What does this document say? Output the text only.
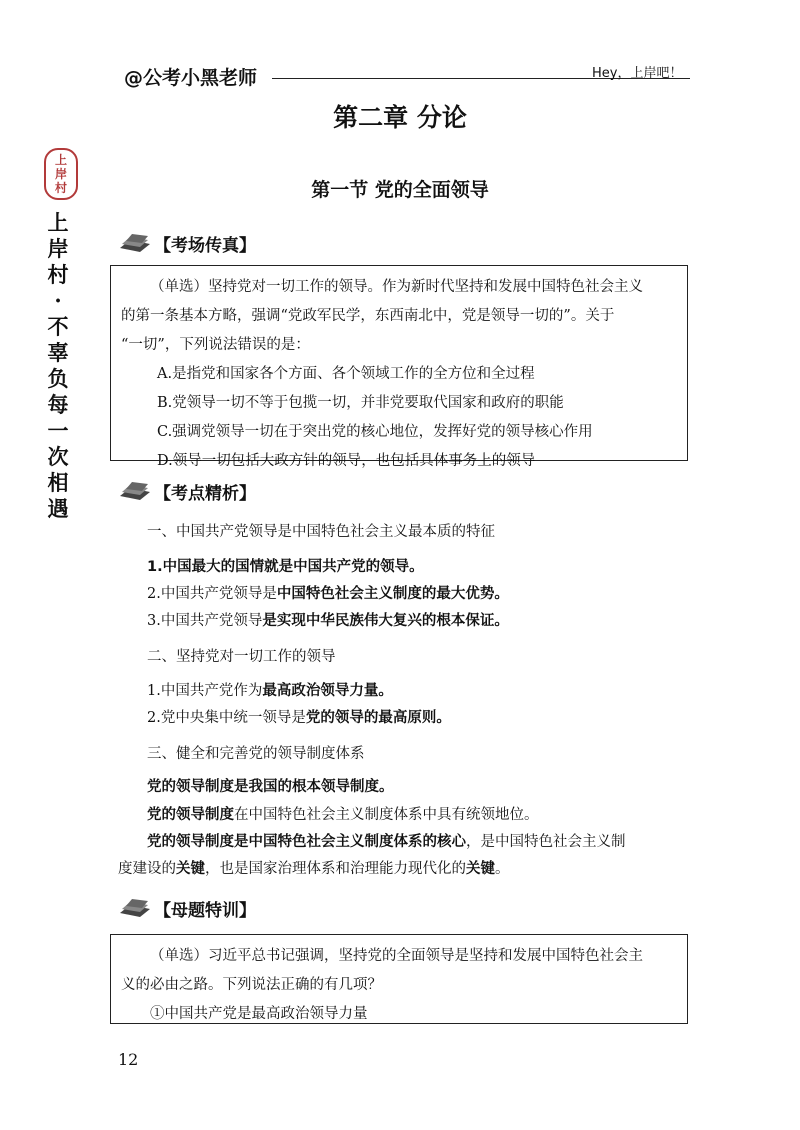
@公考小黑老师	Hey，上岸吧！
上岸村
上
岸
村
·
不
辜
负
每
一
次
相
遇
第二章 分论
第一节 党的全面领导
【考场传真】
（单选）坚持党对一切工作的领导。作为新时代坚持和发展中国特色社会主义
的第一条基本方略，强调“党政军民学，东西南北中，党是领导一切的”。关于
“一切”，下列说法错误的是：
A.是指党和国家各个方面、各个领域工作的全方位和全过程
B.党领导一切不等于包揽一切，并非党要取代国家和政府的职能
C.强调党领导一切在于突出党的核心地位，发挥好党的领导核心作用
D.领导一切包括大政方针的领导，也包括具体事务上的领导
【考点精析】
一、中国共产党领导是中国特色社会主义最本质的特征
1.中国最大的国情就是中国共产党的领导。
2.中国共产党领导是中国特色社会主义制度的最大优势。
3.中国共产党领导是实现中华民族伟大复兴的根本保证。
二、坚持党对一切工作的领导
1.中国共产党作为最高政治领导力量。
2.党中央集中统一领导是党的领导的最高原则。
三、健全和完善党的领导制度体系
党的领导制度是我国的根本领导制度。
党的领导制度在中国特色社会主义制度体系中具有统领地位。
党的领导制度是中国特色社会主义制度体系的核心，是中国特色社会主义制
度建设的关键，也是国家治理体系和治理能力现代化的关键。
【母题特训】
（单选）习近平总书记强调，坚持党的全面领导是坚持和发展中国特色社会主
义的必由之路。下列说法正确的有几项？
①中国共产党是最高政治领导力量
12
